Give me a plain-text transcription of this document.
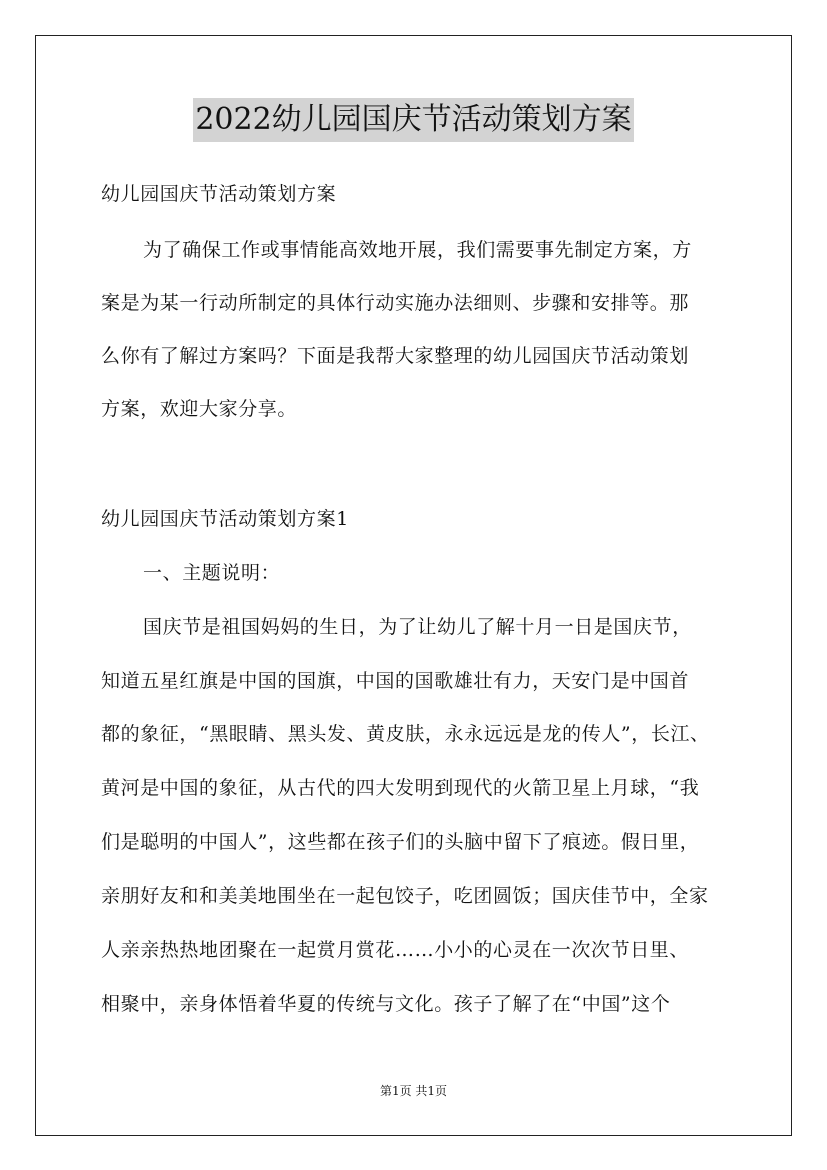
2022幼儿园国庆节活动策划方案
幼儿园国庆节活动策划方案
为了确保工作或事情能高效地开展，我们需要事先制定方案，方
案是为某一行动所制定的具体行动实施办法细则、步骤和安排等。那
么你有了解过方案吗？下面是我帮大家整理的幼儿园国庆节活动策划
方案，欢迎大家分享。
幼儿园国庆节活动策划方案1
一、主题说明：
国庆节是祖国妈妈的生日，为了让幼儿了解十月一日是国庆节，
知道五星红旗是中国的国旗，中国的国歌雄壮有力，天安门是中国首
都的象征，“黑眼睛、黑头发、黄皮肤，永永远远是龙的传人”，长江、
黄河是中国的象征，从古代的四大发明到现代的火箭卫星上月球，“我
们是聪明的中国人”，这些都在孩子们的头脑中留下了痕迹。假日里，
亲朋好友和和美美地围坐在一起包饺子，吃团圆饭；国庆佳节中，全家
人亲亲热热地团聚在一起赏月赏花……小小的心灵在一次次节日里、
相聚中，亲身体悟着华夏的传统与文化。孩子了解了在“中国”这个
第1页 共1页
